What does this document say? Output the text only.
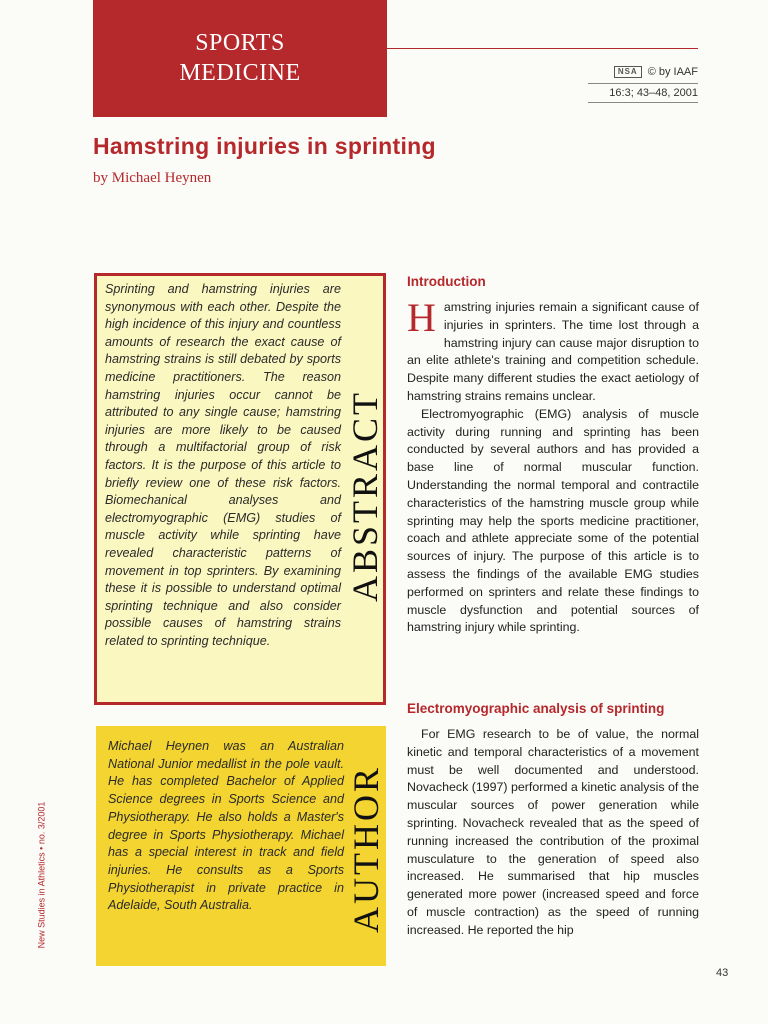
SPORTS
MEDICINE	NSA © by IAAF
16:3; 43–48, 2001
Hamstring injuries in sprinting
by Michael Heynen
Sprinting and hamstring injuries are synonymous with each other. Despite the high incidence of this injury and countless amounts of research the exact cause of hamstring strains is still debated by sports medicine practitioners. The reason hamstring injuries occur cannot be attributed to any single cause; hamstring injuries are more likely to be caused through a multifactorial group of risk factors. It is the purpose of this article to briefly review one of these risk factors. Biomechanical analyses and electromyographic (EMG) studies of muscle activity while sprinting have revealed characteristic patterns of movement in top sprinters. By examining these it is possible to understand optimal sprinting technique and also consider possible causes of hamstring strains related to sprinting technique.
ABSTRACT
Michael Heynen was an Australian National Junior medallist in the pole vault. He has completed Bachelor of Applied Science degrees in Sports Science and Physiotherapy. He also holds a Master's degree in Sports Physiotherapy. Michael has a special interest in track and field injuries. He consults as a Sports Physiotherapist in private practice in Adelaide, South Australia.	AUTHOR
New Studies in Athletics • no. 3/2001
Introduction

Hamstring injuries remain a significant cause of injuries in sprinters. The time lost through a hamstring injury can cause major disruption to an elite athlete's training and competition schedule. Despite many different studies the exact aetiology of hamstring strains remains unclear.

Electromyographic (EMG) analysis of muscle activity during running and sprinting has been conducted by several authors and has provided a base line of normal muscular function. Understanding the normal temporal and contractile characteristics of the hamstring muscle group while sprinting may help the sports medicine practitioner, coach and athlete appreciate some of the potential sources of injury. The purpose of this article is to assess the findings of the available EMG studies performed on sprinters and relate these findings to muscle dysfunction and potential sources of hamstring injury while sprinting.

Electromyographic analysis of sprinting

For EMG research to be of value, the normal kinetic and temporal characteristics of a movement must be well documented and understood. Novacheck (1997) performed a kinetic analysis of the muscular sources of power generation while sprinting. Novacheck revealed that as the speed of running increased the contribution of the proximal musculature to the generation of speed also increased. He summarised that hip muscles generated more power (increased speed and force of muscle contraction) as the speed of running increased. He reported the hip

43
